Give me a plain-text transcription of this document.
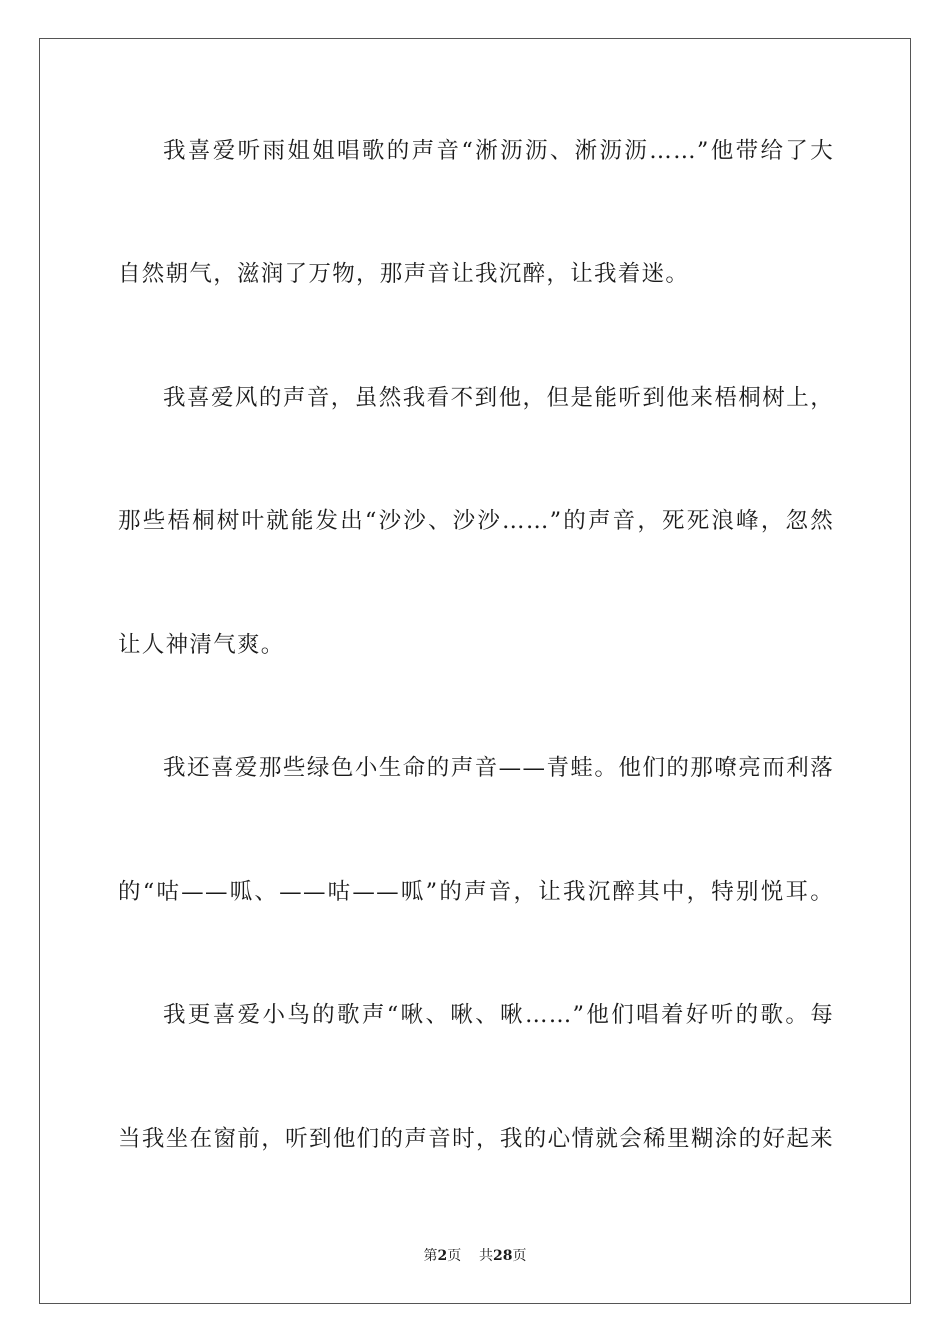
我喜爱听雨姐姐唱歌的声音“淅沥沥、淅沥沥……”他带给了大
自然朝气，滋润了万物，那声音让我沉醉，让我着迷。
我喜爱风的声音，虽然我看不到他，但是能听到他来梧桐树上，
那些梧桐树叶就能发出“沙沙、沙沙……”的声音，死死浪峰，忽然
让人神清气爽。
我还喜爱那些绿色小生命的声音——青蛙。他们的那嘹亮而利落
的“咕——呱、——咕——呱”的声音，让我沉醉其中，特别悦耳。
我更喜爱小鸟的歌声“啾、啾、啾……”他们唱着好听的歌。每
当我坐在窗前，听到他们的声音时，我的心情就会稀里糊涂的好起来
第2页 共28页
